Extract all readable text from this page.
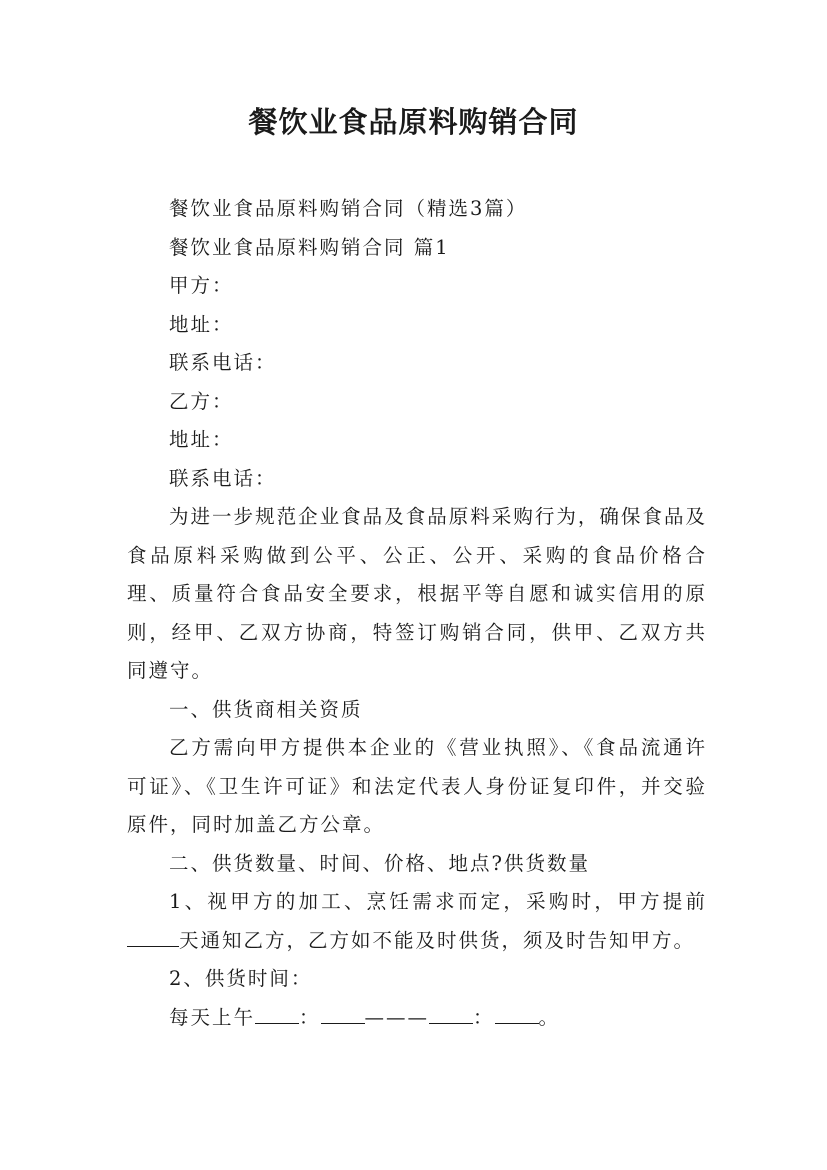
餐饮业食品原料购销合同

餐饮业食品原料购销合同（精选3篇）

餐饮业食品原料购销合同 篇1

甲方：

地址：

联系电话：

乙方：

地址：

联系电话：

为进一步规范企业食品及食品原料采购行为，确保食品及食品原料采购做到公平、公正、公开、采购的食品价格合理、质量符合食品安全要求，根据平等自愿和诚实信用的原则，经甲、乙双方协商，特签订购销合同，供甲、乙双方共同遵守。

一、供货商相关资质

乙方需向甲方提供本企业的《营业执照》、《食品流通许可证》、《卫生许可证》和法定代表人身份证复印件，并交验原件，同时加盖乙方公章。

二、供货数量、时间、价格、地点?供货数量

1、视甲方的加工、烹饪需求而定，采购时，甲方提前天通知乙方，乙方如不能及时供货，须及时告知甲方。

2、供货时间：

每天上午 ： ——— ： 。
